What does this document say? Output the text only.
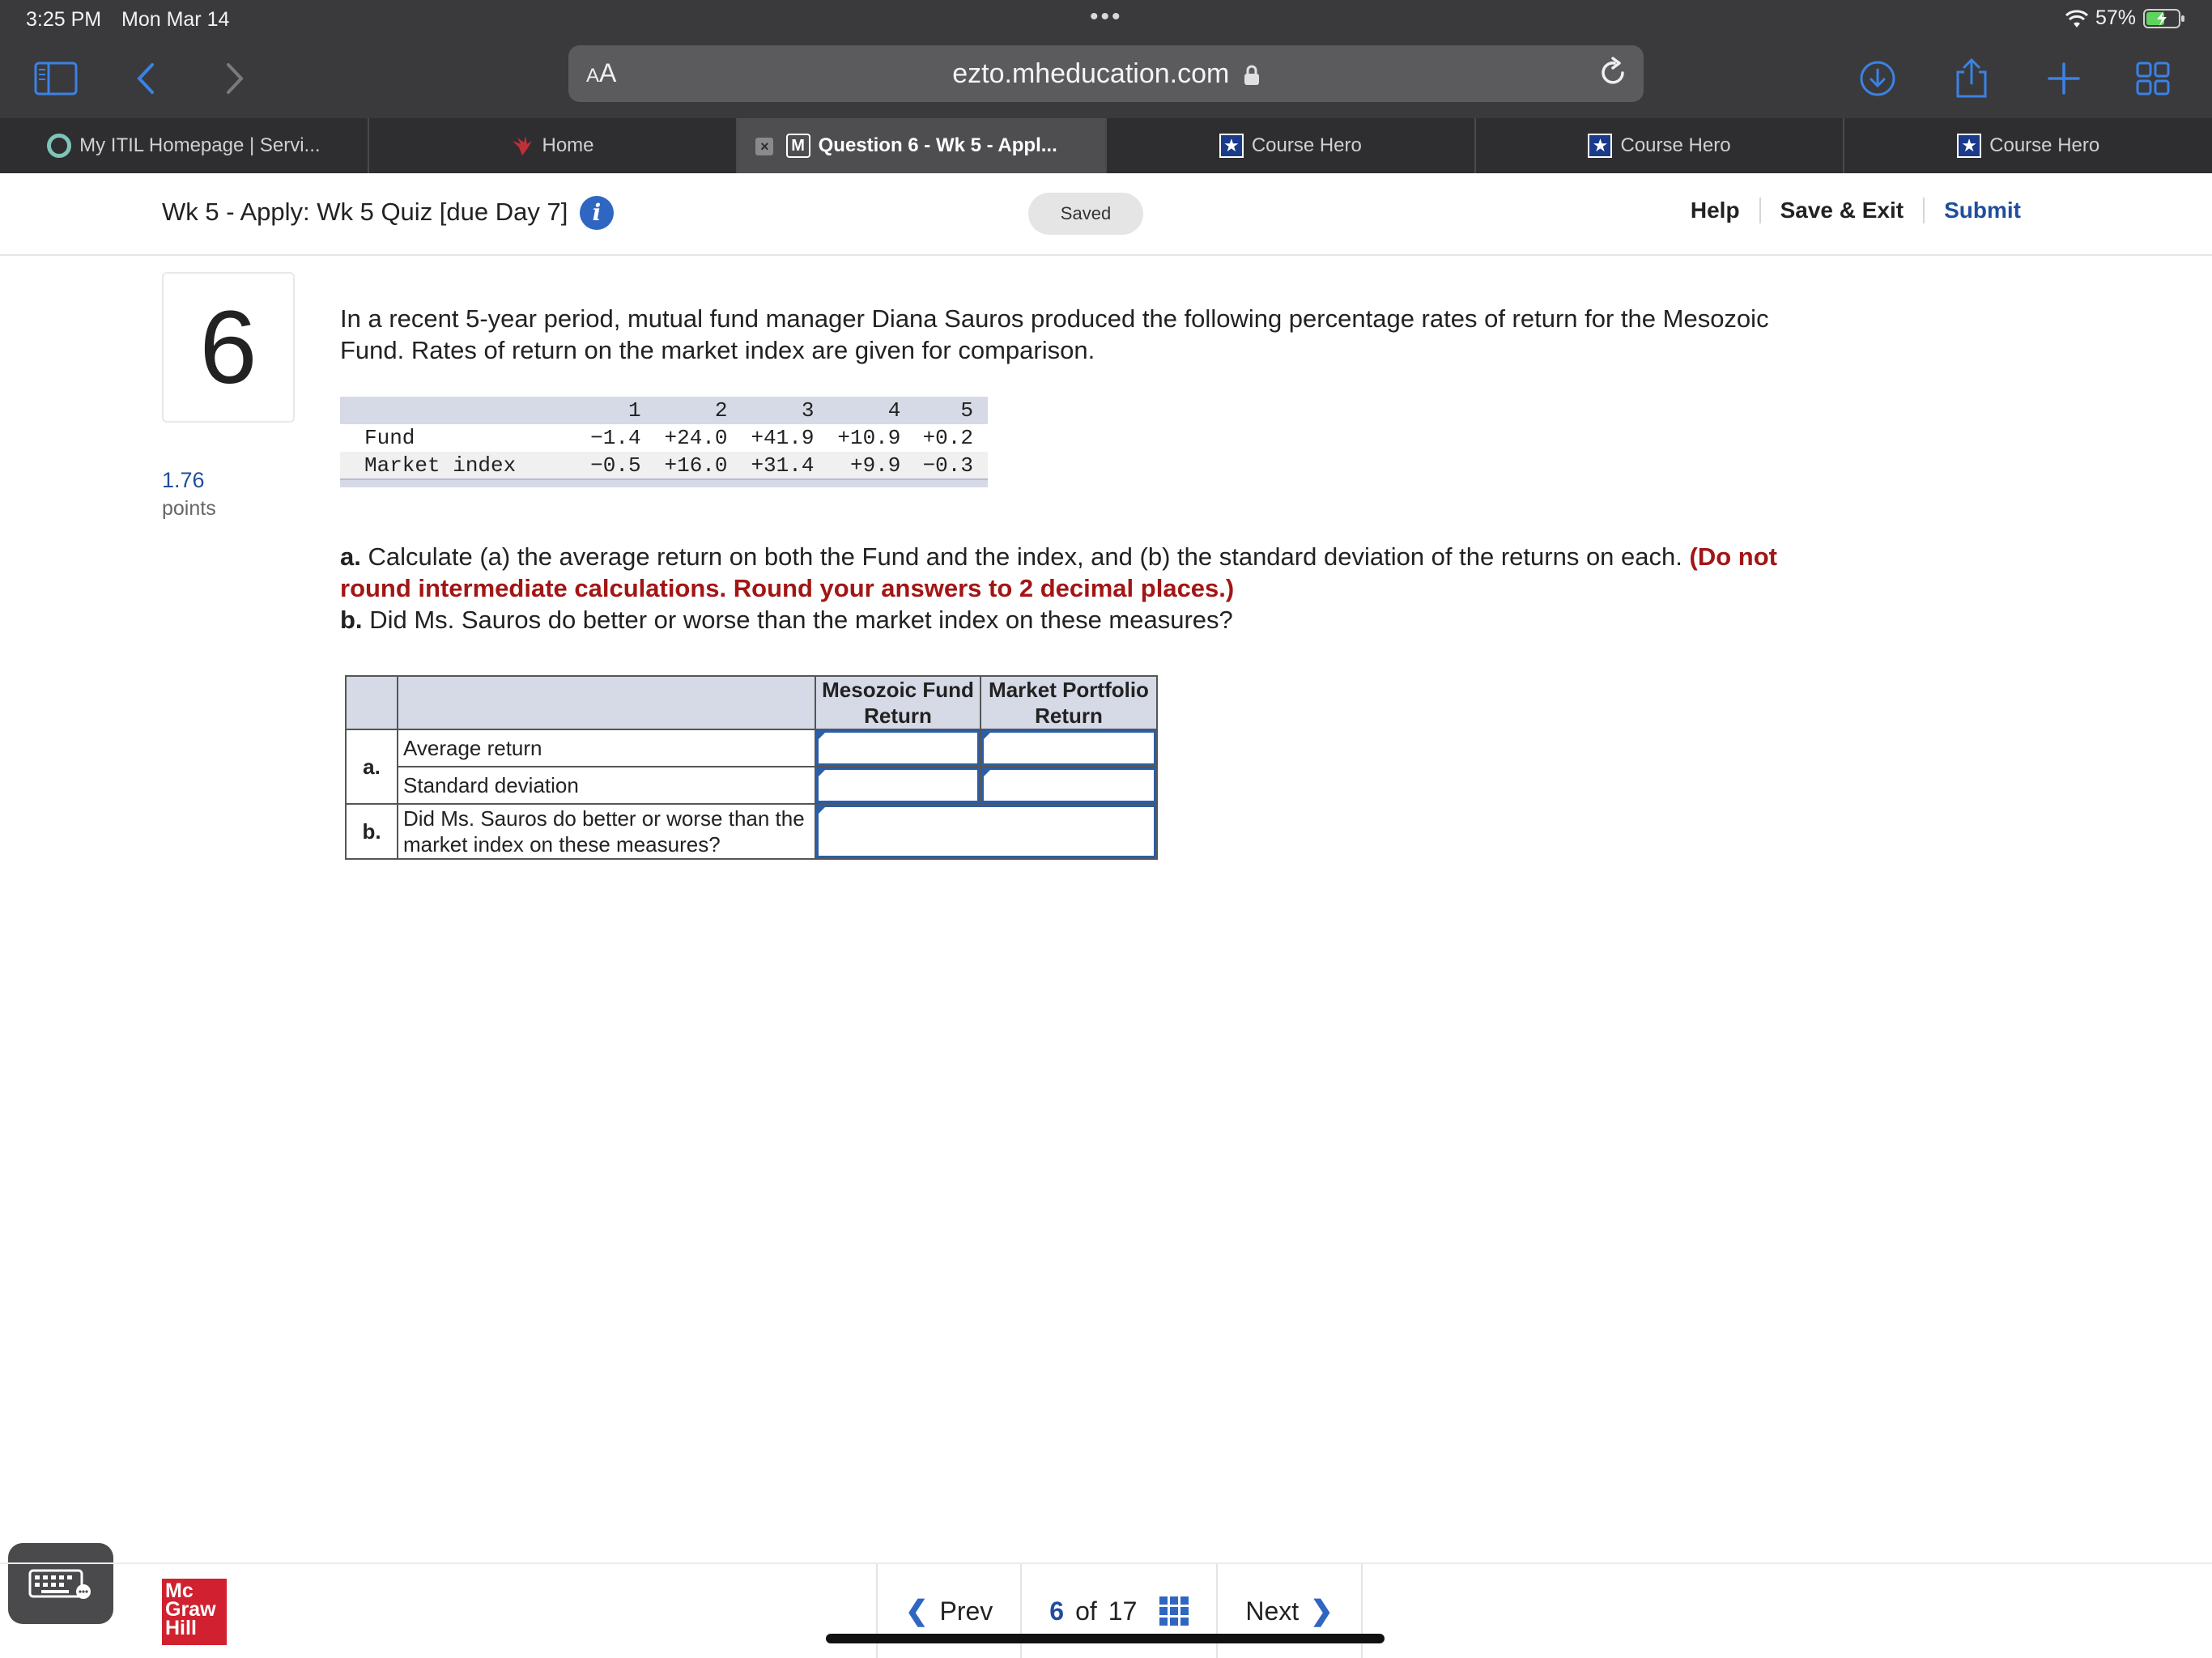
3:25 PM Mon Mar 14	•••	57%
AA	ezto.mheducation.com
My ITIL Homepage | Servi...	Home	×	M Question 6 - Wk 5 - Appl...	★ Course Hero	★ Course Hero	★ Course Hero
Wk 5 - Apply: Wk 5 Quiz [due Day 7]	i	Saved	Help	Save & Exit	Submit
6
1.76
points

In a recent 5-year period, mutual fund manager Diana Sauros produced the following percentage rates of return for the Mesozoic Fund. Rates of return on the market index are given for comparison.

	1	2	3	4	5
Fund	−1.4	+24.0	+41.9	+10.9	+0.2
Market index	−0.5	+16.0	+31.4	+9.9	−0.3

a. Calculate (a) the average return on both the Fund and the index, and (b) the standard deviation of the returns on each. (Do not round intermediate calculations. Round your answers to 2 decimal places.)
b. Did Ms. Sauros do better or worse than the market index on these measures?
		Mesozoic Fund Return	Market Portfolio Return
a.	Average return	

	Standard deviation	

b.	Did Ms. Sauros do better or worse than the market index on these measures?		
Mc
Graw
Hill
❮ Prev 6 of 17	Next ❯
